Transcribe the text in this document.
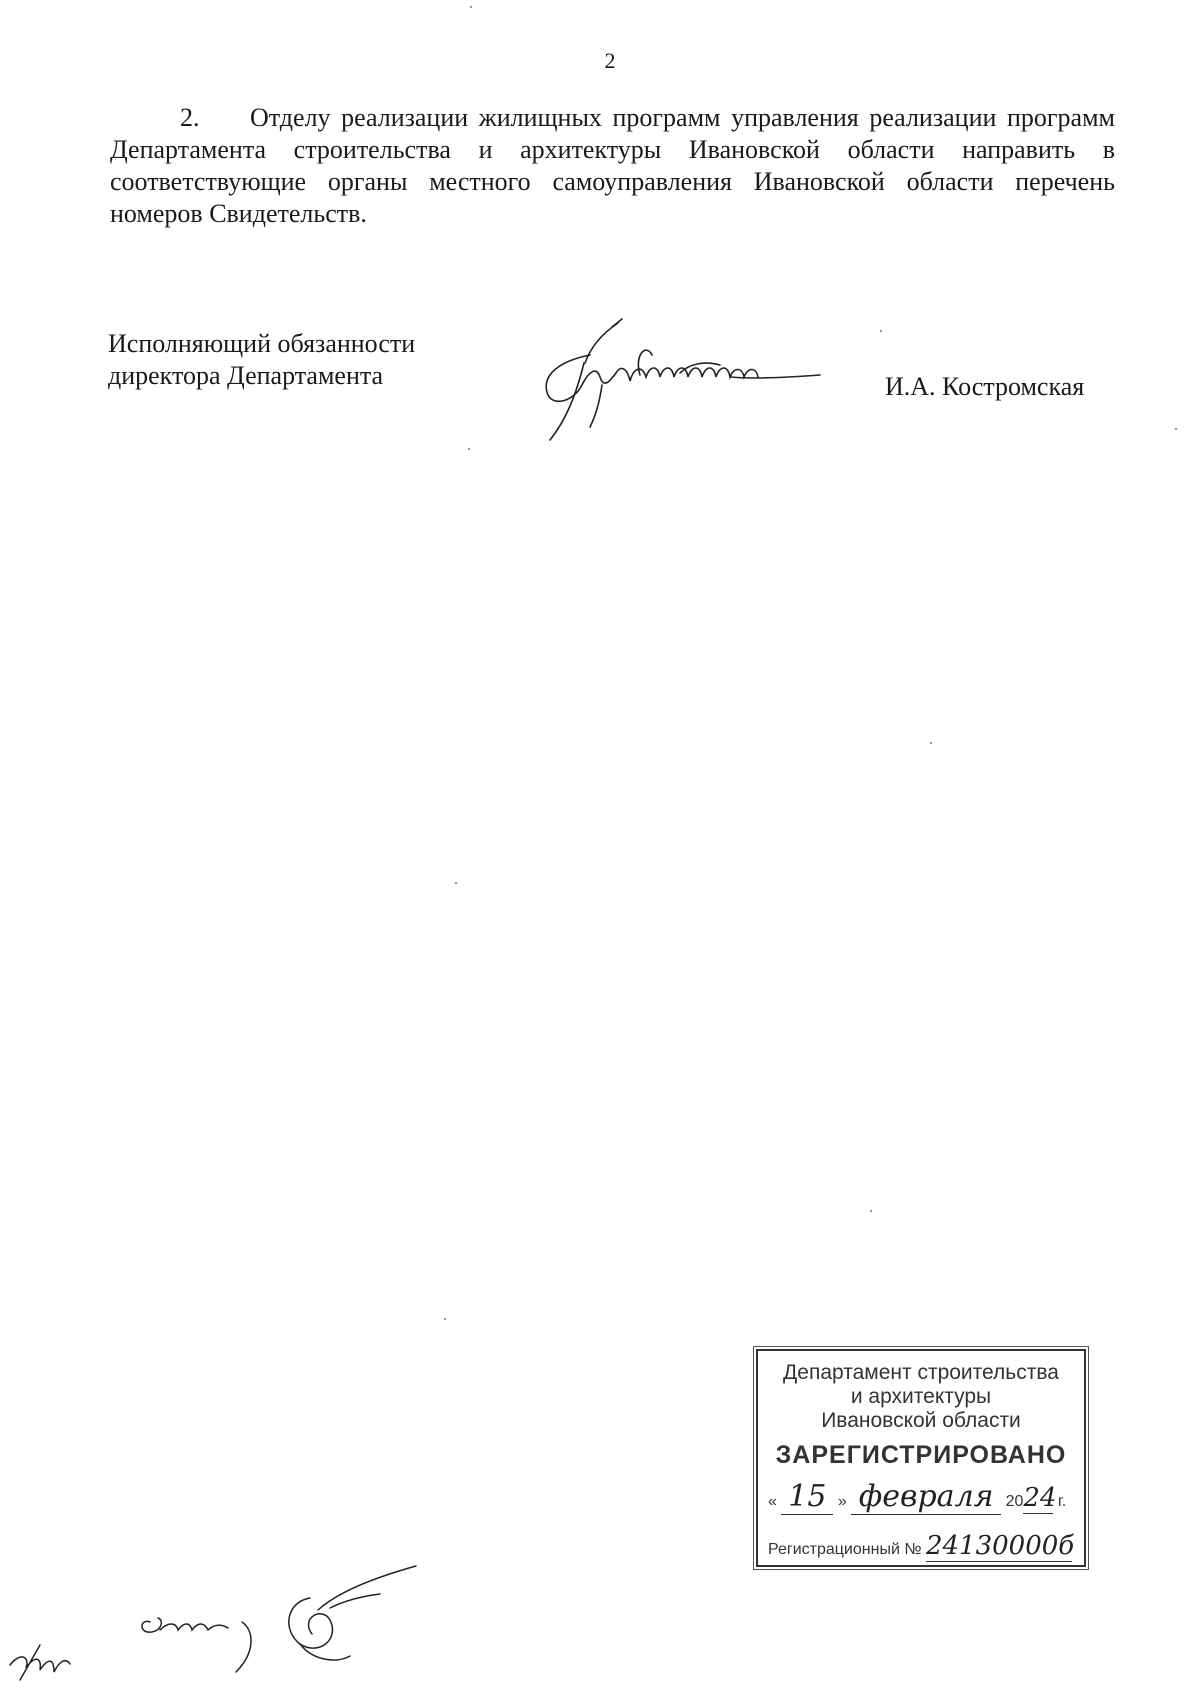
2

2. Отделу реализации жилищных программ управления реализации программ Департамента строительства и архитектуры Ивановской области направить в соответствующие органы местного самоуправления Ивановской области перечень номеров Свидетельств.

Исполняющий обязанности
директора Департамента	И.А. Костромская
Департамент строительства
и архитектуры
Ивановской области
ЗАРЕГИСТРИРОВАНО
« 15 » февраля 2024 г.
Регистрационный № 24130000б
